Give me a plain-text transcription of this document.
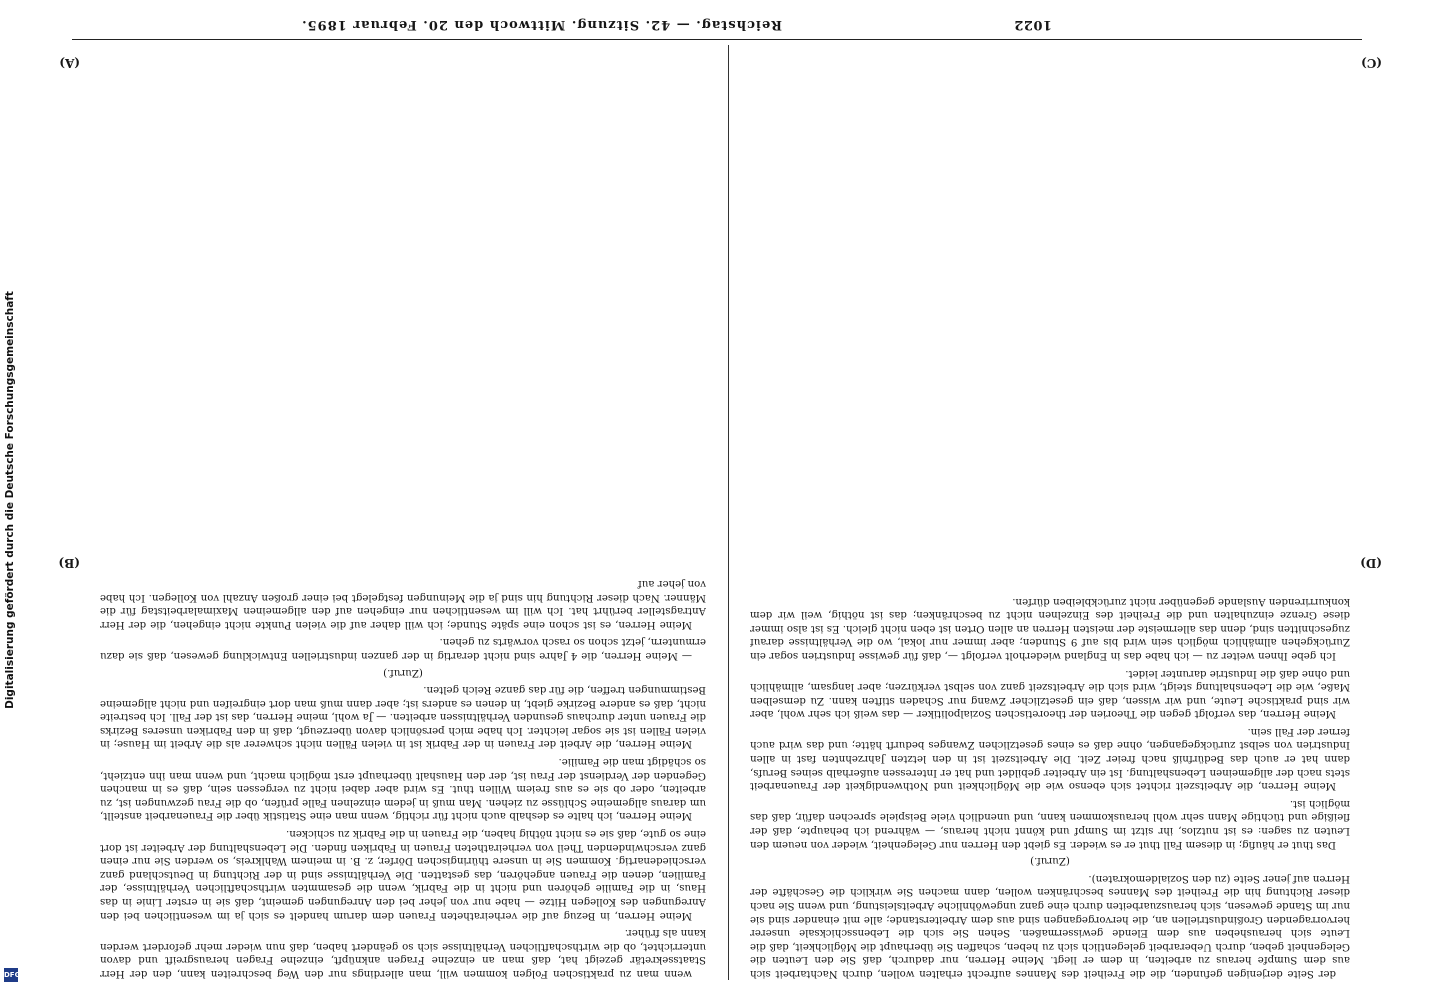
1022
Reichstag. — 42. Sitzung. Mittwoch den 20. Februar 1895.
(A)
(B)
(C)
(D)

wenn man zu praktischen Folgen kommen will, man allerdings nur den Weg beschreiten kann, den der Herr Staatssekretär gezeigt hat, daß man an einzelne Fragen anknüpft, einzelne Fragen herausgreift und davon unterrichtet, ob die wirthschaftlichen Verhältnisse sich so geändert haben, daß nun wieder mehr gefordert werden kann als früher.

Meine Herren, in Bezug auf die verheiratheten Frauen dem darum handelt es sich ja im wesentlichen bei den Anregungen des Kollegen Hitze — habe nur von jeher bei den Anregungen gemeint, daß sie in erster Linie in das Haus, in die Familie gehören und nicht in die Fabrik, wenn die gesammten wirthschaftlichen Verhältnisse, der Familien, denen die Frauen angehören, das gestatten. Die Verhältnisse sind in der Richtung in Deutschland ganz verschiedenartig. Kommen Sie in unsere thüringischen Dörfer, z. B. in meinem Wahlkreis, so werden Sie nur einen ganz verschwindenden Theil von verheiratheten Frauen in Fabriken finden. Die Lebenshaltung der Arbeiter ist dort eine so gute, daß sie es nicht nöthig haben, die Frauen in die Fabrik zu schicken.

Meine Herren, ich halte es deshalb auch nicht für richtig, wenn man eine Statistik über die Frauenarbeit anstellt, um daraus allgemeine Schlüsse zu ziehen. Man muß in jedem einzelnen Falle prüfen, ob die Frau gezwungen ist, zu arbeiten, oder ob sie es aus freiem Willen thut. Es wird aber dabei nicht zu vergessen sein, daß es in manchen Gegenden der Verdienst der Frau ist, der den Haushalt überhaupt erst möglich macht, und wenn man ihn entzieht, so schädigt man die Familie.

Meine Herren, die Arbeit der Frauen in der Fabrik ist in vielen Fällen nicht schwerer als die Arbeit im Hause; in vielen Fällen ist sie sogar leichter. Ich habe mich persönlich davon überzeugt, daß in den Fabriken unseres Bezirks die Frauen unter durchaus gesunden Verhältnissen arbeiten. — Ja wohl, meine Herren, das ist der Fall. Ich bestreite nicht, daß es andere Bezirke giebt, in denen es anders ist; aber dann muß man dort eingreifen und nicht allgemeine Bestimmungen treffen, die für das ganze Reich gelten.

(Zuruf.)

— Meine Herren, die 4 Jahre sind nicht derartig in der ganzen industriellen Entwicklung gewesen, daß sie dazu ermuntern, jetzt schon so rasch vorwärts zu gehen.

Meine Herren, es ist schon eine späte Stunde; ich will daher auf die vielen Punkte nicht eingehen, die der Herr Antragsteller berührt hat. Ich will im wesentlichen nur eingehen auf den allgemeinen Maximalarbeitstag für die Männer. Nach dieser Richtung hin sind ja die Meinungen festgelegt bei einer großen Anzahl von Kollegen. Ich habe von jeher auf

der Seite derjenigen gefunden, die die Freiheit des Mannes aufrecht erhalten wollen, durch Nachtarbeit sich aus dem Sumpfe heraus zu arbeiten, in dem er liegt. Meine Herren, nur dadurch, daß Sie den Leuten die Gelegenheit geben, durch Ueberarbeit gelegentlich sich zu heben, schaffen Sie überhaupt die Möglichkeit, daß die Leute sich herausheben aus dem Elende gewissermaßen. Sehen Sie sich die Lebensschicksale unserer hervorragenden Großindustriellen an, die hervorgegangen sind aus dem Arbeiterstande; alle mit einander sind sie nur im Stande gewesen, sich herauszuarbeiten durch eine ganz ungewöhnliche Arbeitsleistung, und wenn Sie nach dieser Richtung hin die Freiheit des Mannes beschränken wollen, dann machen Sie wirklich die Geschäfte der Herren auf jener Seite (zu den Sozialdemokraten).

(Zuruf.)

Das thut er häufig; in diesem Fall thut er es wieder. Es giebt den Herren nur Gelegenheit, wieder von neuem den Leuten zu sagen: es ist nutzlos, ihr sitzt im Sumpf und könnt nicht heraus, — während ich behaupte, daß der fleißige und tüchtige Mann sehr wohl herauskommen kann, und unendlich viele Beispiele sprechen dafür, daß das möglich ist.

Meine Herren, die Arbeitszeit richtet sich ebenso wie die Möglichkeit und Nothwendigkeit der Frauenarbeit stets nach der allgemeinen Lebenshaltung. Ist ein Arbeiter gebildet und hat er Interessen außerhalb seines Berufs, dann hat er auch das Bedürfniß nach freier Zeit. Die Arbeitszeit ist in den letzten Jahrzehnten fast in allen Industrien von selbst zurückgegangen, ohne daß es eines gesetzlichen Zwanges bedurft hätte; und das wird auch ferner der Fall sein.

Meine Herren, das verfolgt gegen die Theorien der theoretischen Sozialpolitiker — das weiß ich sehr wohl, aber wir sind praktische Leute, und wir wissen, daß ein gesetzlicher Zwang nur Schaden stiften kann. Zu demselben Maße, wie die Lebenshaltung steigt, wird sich die Arbeitszeit ganz von selbst verkürzen; aber langsam, allmählich und ohne daß die Industrie darunter leidet.

Ich gebe Ihnen weiter zu — ich habe das in England wiederholt verfolgt —, daß für gewisse Industrien sogar ein Zurückgehen allmählich möglich sein wird bis auf 9 Stunden; aber immer nur lokal, wo die Verhältnisse darauf zugeschnitten sind, denn das allermeiste der meisten Herren an allen Orten ist eben nicht gleich. Es ist also immer diese Grenze einzuhalten und die Freiheit des Einzelnen nicht zu beschränken; das ist nöthig, weil wir dem konkurrirenden Auslande gegenüber nicht zurückbleiben dürfen.

Digitalisierung gefördert durch die Deutsche Forschungsgemeinschaft
DFG
